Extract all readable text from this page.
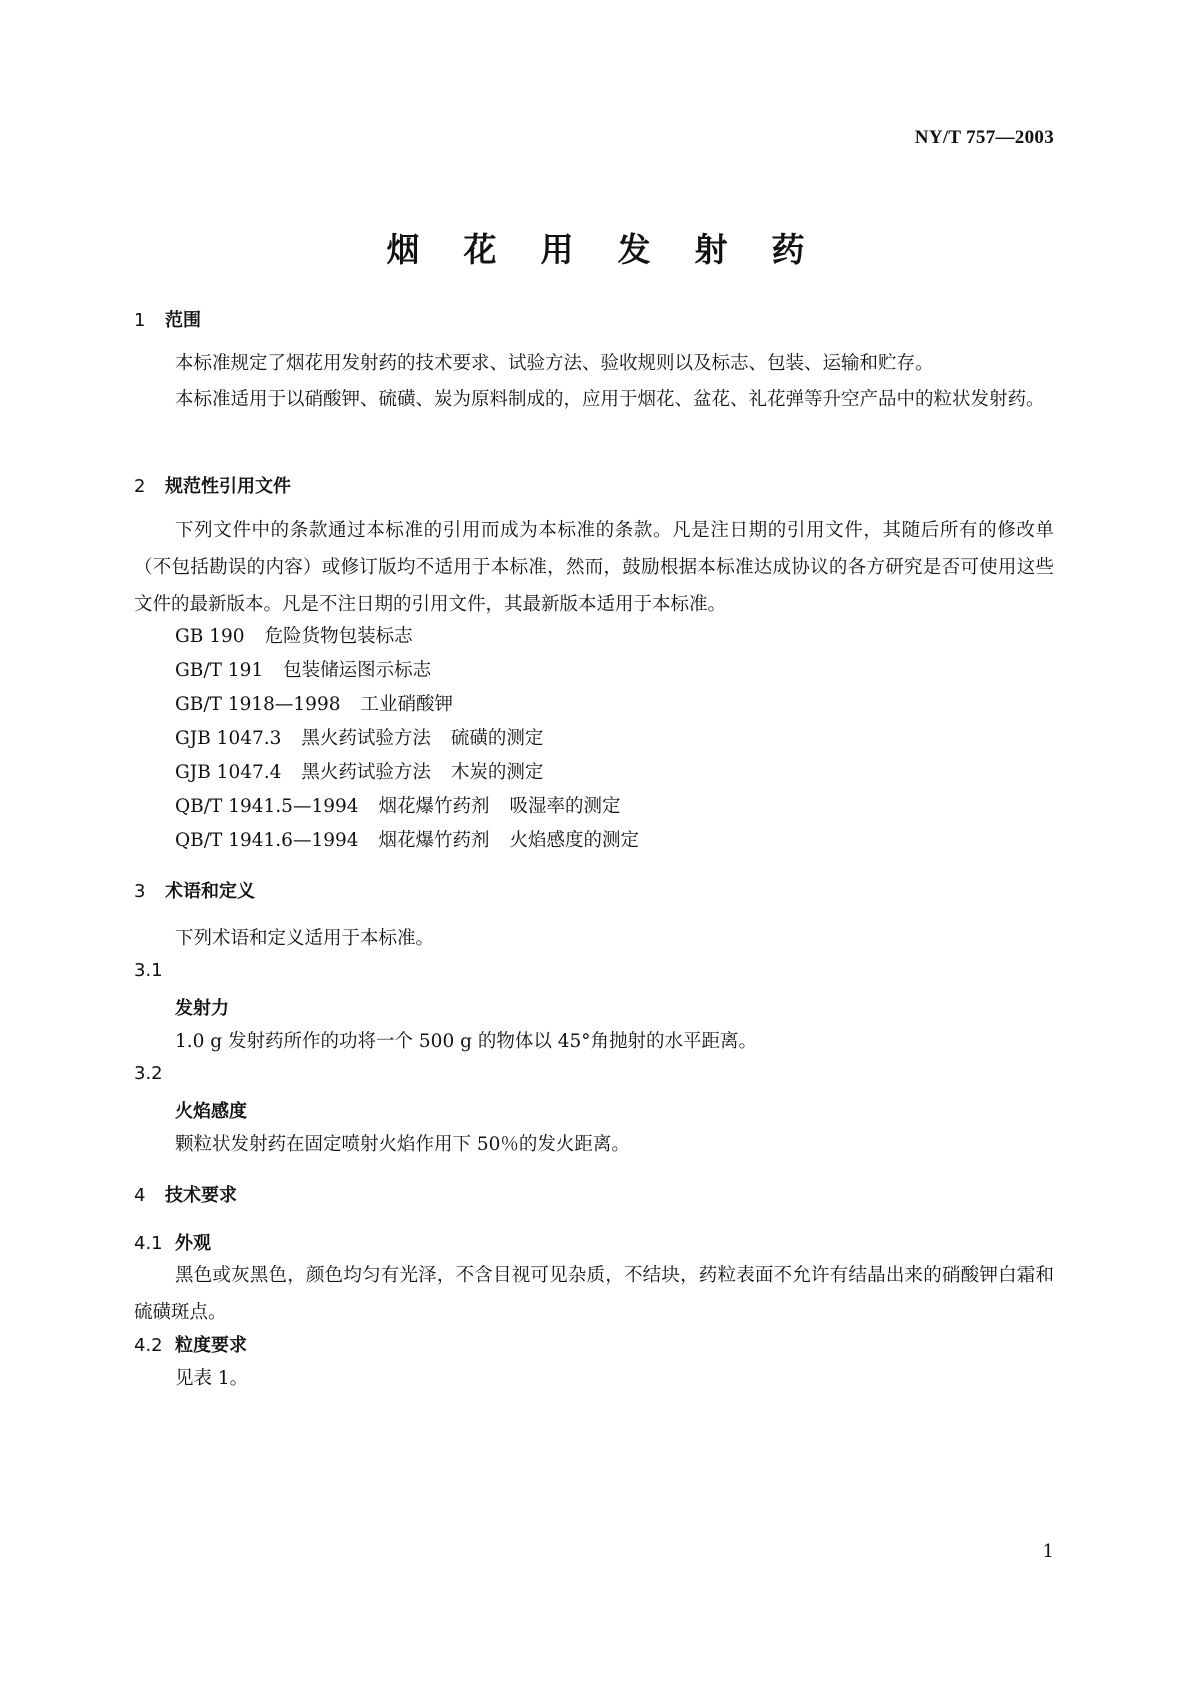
NY/T 757—2003
烟花用发射药
1 范围
本标准规定了烟花用发射药的技术要求、试验方法、验收规则以及标志、包装、运输和贮存。
本标准适用于以硝酸钾、硫磺、炭为原料制成的，应用于烟花、盆花、礼花弹等升空产品中的粒状发射药。
2 规范性引用文件
下列文件中的条款通过本标准的引用而成为本标准的条款。凡是注日期的引用文件，其随后所有的修改单（不包括勘误的内容）或修订版均不适用于本标准，然而，鼓励根据本标准达成协议的各方研究是否可使用这些文件的最新版本。凡是不注日期的引用文件，其最新版本适用于本标准。
GB 190 危险货物包装标志
GB/T 191 包装储运图示标志
GB/T 1918—1998 工业硝酸钾
GJB 1047.3 黑火药试验方法 硫磺的测定
GJB 1047.4 黑火药试验方法 木炭的测定
QB/T 1941.5—1994 烟花爆竹药剂 吸湿率的测定
QB/T 1941.6—1994 烟花爆竹药剂 火焰感度的测定
3 术语和定义
下列术语和定义适用于本标准。
3.1
发射力
1.0 g 发射药所作的功将一个 500 g 的物体以 45°角抛射的水平距离。
3.2
火焰感度
颗粒状发射药在固定喷射火焰作用下 50％的发火距离。
4 技术要求
4.1 外观
黑色或灰黑色，颜色均匀有光泽，不含目视可见杂质，不结块，药粒表面不允许有结晶出来的硝酸钾白霜和硫磺斑点。
4.2 粒度要求
见表 1。
1
